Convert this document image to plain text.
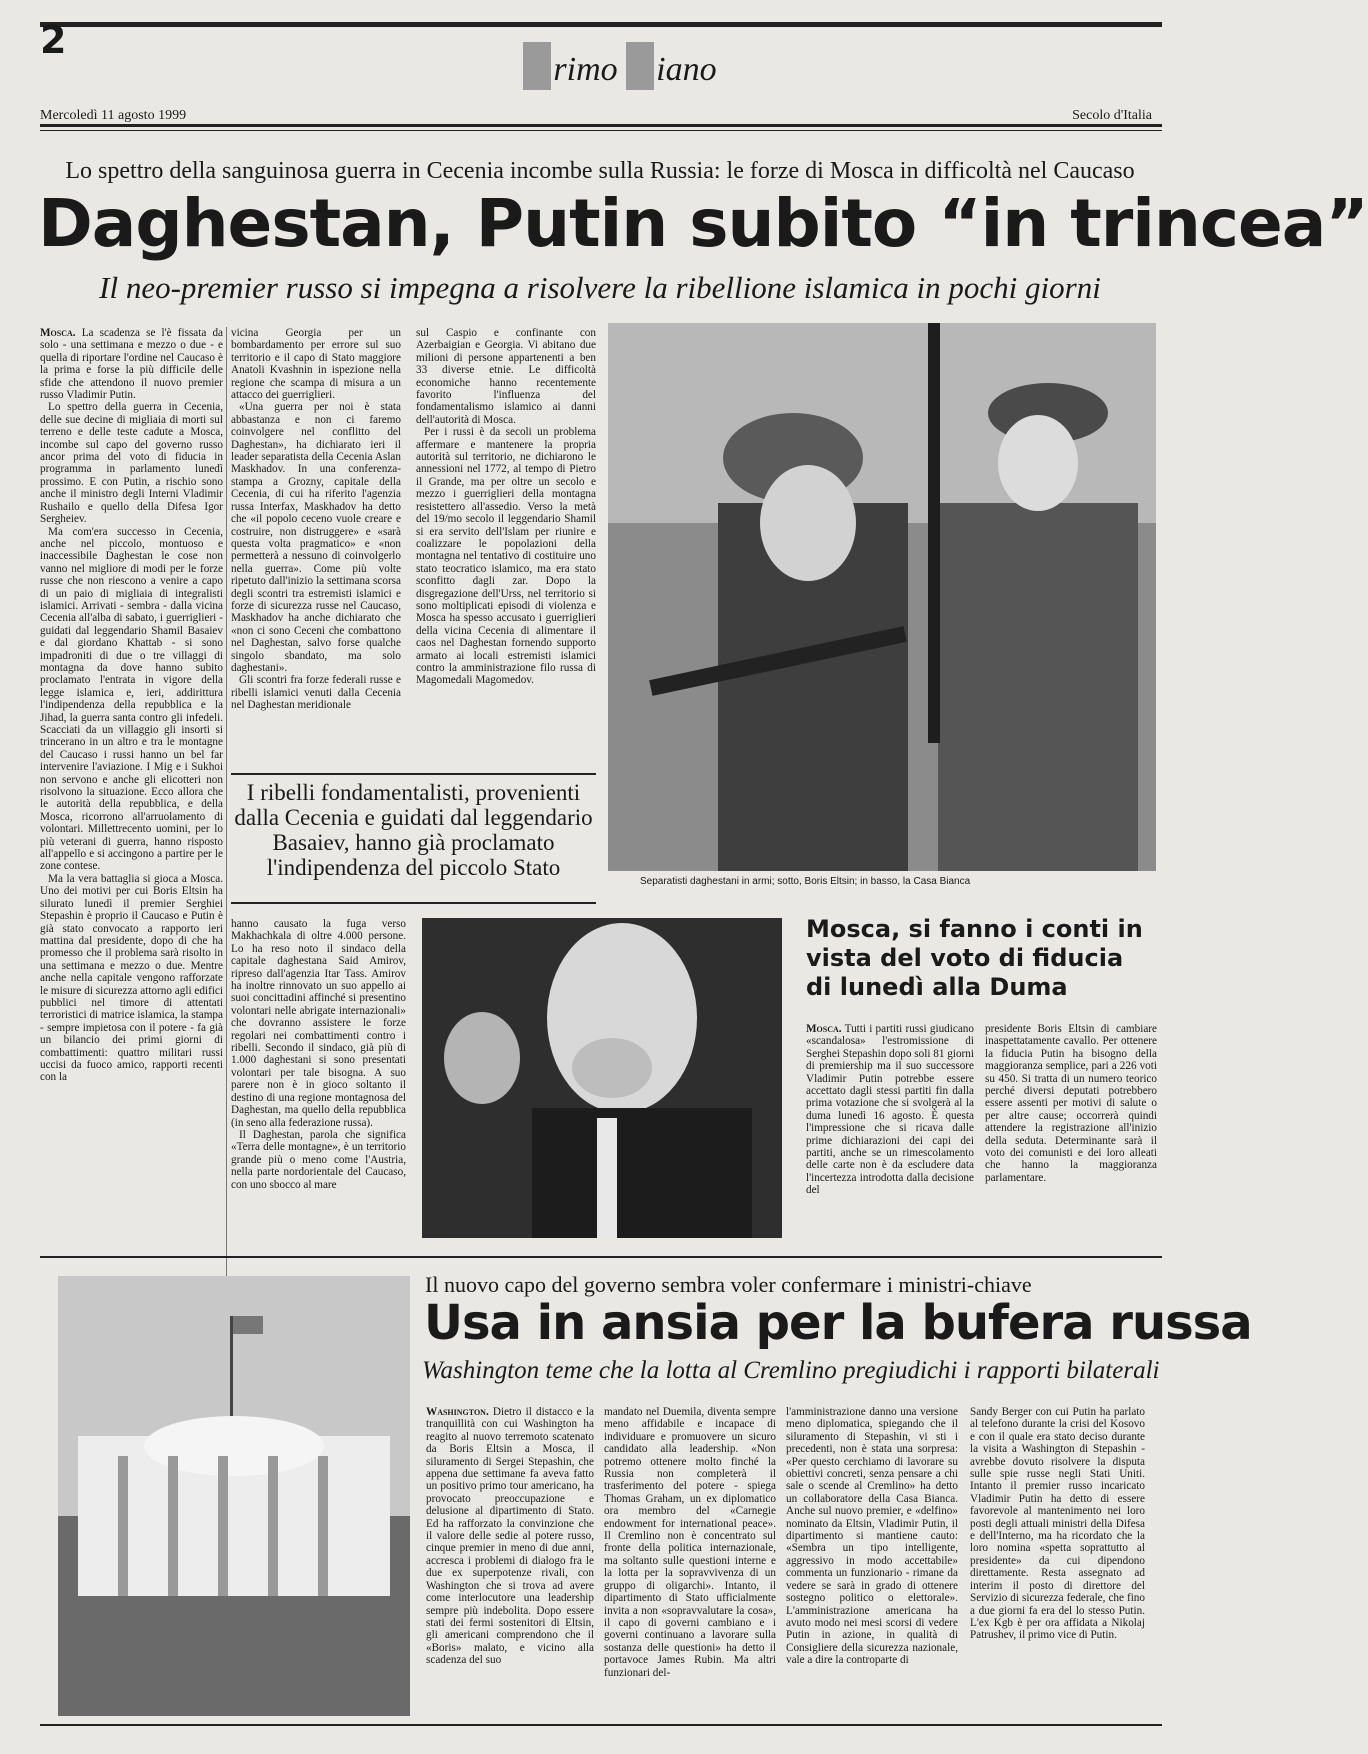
2
rimo iano
Mercoledì 11 agosto 1999	Secolo d'Italia
Lo spettro della sanguinosa guerra in Cecenia incombe sulla Russia: le forze di Mosca in difficoltà nel Caucaso
Daghestan, Putin subito “in trincea”
Il neo-premier russo si impegna a risolvere la ribellione islamica in pochi giorni

Mosca. La scadenza se l'è fissata da solo - una settimana e mezzo o due - e quella di riportare l'ordine nel Caucaso è la prima e forse la più difficile delle sfide che attendono il nuovo premier russo Vladimir Putin.

Lo spettro della guerra in Cecenia, delle sue decine di migliaia di morti sul terreno e delle teste cadute a Mosca, incombe sul capo del governo russo ancor prima del voto di fiducia in programma in parlamento lunedì prossimo. E con Putin, a rischio sono anche il ministro degli Interni Vladimir Rushailo e quello della Difesa Igor Sergheiev.

Ma com'era successo in Cecenia, anche nel piccolo, montuoso e inaccessibile Daghestan le cose non vanno nel migliore di modi per le forze russe che non riescono a venire a capo di un paio di migliaia di integralisti islamici. Arrivati - sembra - dalla vicina Cecenia all'alba di sabato, i guerriglieri - guidati dal leggendario Shamil Basaiev e dal giordano Khattab - si sono impadroniti di due o tre villaggi di montagna da dove hanno subito proclamato l'entrata in vigore della legge islamica e, ieri, addirittura l'indipendenza della repubblica e la Jihad, la guerra santa contro gli infedeli. Scacciati da un villaggio gli insorti si trincerano in un altro e tra le montagne del Caucaso i russi hanno un bel far intervenire l'aviazione. I Mig e i Sukhoi non servono e anche gli elicotteri non risolvono la situazione. Ecco allora che le autorità della repubblica, e della Mosca, ricorrono all'arruolamento di volontari. Millettrecento uomini, per lo più veterani di guerra, hanno risposto all'appello e si accingono a partire per le zone contese.

Ma la vera battaglia si gioca a Mosca. Uno dei motivi per cui Boris Eltsin ha silurato lunedì il premier Serghiei Stepashin è proprio il Caucaso e Putin è già stato convocato a rapporto ieri mattina dal presidente, dopo di che ha promesso che il problema sarà risolto in una settimana e mezzo o due. Mentre anche nella capitale vengono rafforzate le misure di sicurezza attorno agli edifici pubblici nel timore di attentati terroristici di matrice islamica, la stampa - sempre impietosa con il potere - fa già un bilancio dei primi giorni di combattimenti: quattro militari russi uccisi da fuoco amico, rapporti recenti con la

vicina Georgia per un bombardamento per errore sul suo territorio e il capo di Stato maggiore Anatoli Kvashnin in ispezione nella regione che scampa di misura a un attacco dei guerriglieri.

«Una guerra per noi è stata abbastanza e non ci faremo coinvolgere nel conflitto del Daghestan», ha dichiarato ieri il leader separatista della Cecenia Aslan Maskhadov. In una conferenza-stampa a Grozny, capitale della Cecenia, di cui ha riferito l'agenzia russa Interfax, Maskhadov ha detto che «il popolo ceceno vuole creare e costruire, non distruggere» e «sarà questa volta pragmatico» e «non permetterà a nessuno di coinvolgerlo nella guerra». Come più volte ripetuto dall'inizio la settimana scorsa degli scontri tra estremisti islamici e forze di sicurezza russe nel Caucaso, Maskhadov ha anche dichiarato che «non ci sono Ceceni che combattono nel Daghestan, salvo forse qualche singolo sbandato, ma solo daghestani».

Gli scontri fra forze federali russe e ribelli islamici venuti dalla Cecenia nel Daghestan meridionale

sul Caspio e confinante con Azerbaigian e Georgia. Vi abitano due milioni di persone appartenenti a ben 33 diverse etnie. Le difficoltà economiche hanno recentemente favorito l'influenza del fondamentalismo islamico ai danni dell'autorità di Mosca.

Per i russi è da secoli un problema affermare e mantenere la propria autorità sul territorio, ne dichiarono le annessioni nel 1772, al tempo di Pietro il Grande, ma per oltre un secolo e mezzo i guerriglieri della montagna resistettero all'assedio. Verso la metà del 19/mo secolo il leggendario Shamil si era servito dell'Islam per riunire e coalizzare le popolazioni della montagna nel tentativo di costituire uno stato teocratico islamico, ma era stato sconfitto dagli zar. Dopo la disgregazione dell'Urss, nel territorio si sono moltiplicati episodi di violenza e Mosca ha spesso accusato i guerriglieri della vicina Cecenia di alimentare il caos nel Daghestan fornendo supporto armato ai locali estremisti islamici contro la amministrazione filo russa di Magomedali Magomedov.

Separatisti daghestani in armi; sotto, Boris Eltsin; in basso, la Casa Bianca
I ribelli fondamentalisti, provenienti dalla Cecenia e guidati dal leggendario Basaiev, hanno già proclamato l'indipendenza del piccolo Stato

hanno causato la fuga verso Makhachkala di oltre 4.000 persone. Lo ha reso noto il sindaco della capitale daghestana Said Amirov, ripreso dall'agenzia Itar Tass. Amirov ha inoltre rinnovato un suo appello ai suoi concittadini affinché si presentino volontari nelle abrigate internazionali» che dovranno assistere le forze regolari nei combattimenti contro i ribelli. Secondo il sindaco, già più di 1.000 daghestani si sono presentati volontari per tale bisogna. A suo parere non è in gioco soltanto il destino di una regione montagnosa del Daghestan, ma quello della repubblica (in seno alla federazione russa).

Il Daghestan, parola che significa «Terra delle montagne», è un territorio grande più o meno come l'Austria, nella parte nordorientale del Caucaso, con uno sbocco al mare

Mosca, si fanno i conti in vista del voto di fiducia di lunedì alla Duma

Mosca. Tutti i partiti russi giudicano «scandalosa» l'estromissione di Serghei Stepashin dopo soli 81 giorni di premiership ma il suo successore Vladimir Putin potrebbe essere accettato dagli stessi partiti fin dalla prima votazione che si svolgerà al la duma lunedì 16 agosto. È questa l'impressione che si ricava dalle prime dichiarazioni dei capi dei partiti, anche se un rimescolamento delle carte non è da escludere data l'incertezza introdotta dalla decisione del

presidente Boris Eltsin di cambiare inaspettatamente cavallo. Per ottenere la fiducia Putin ha bisogno della maggioranza semplice, pari a 226 voti su 450. Si tratta di un numero teorico perché diversi deputati potrebbero essere assenti per motivi di salute o per altre cause; occorrerà quindi attendere la registrazione all'inizio della seduta. Determinante sarà il voto dei comunisti e dei loro alleati che hanno la maggioranza parlamentare.

Il nuovo capo del governo sembra voler confermare i ministri-chiave
Usa in ansia per la bufera russa
Washington teme che la lotta al Cremlino pregiudichi i rapporti bilaterali

Washington. Dietro il distacco e la tranquillità con cui Washington ha reagito al nuovo terremoto scatenato da Boris Eltsin a Mosca, il siluramento di Sergei Stepashin, che appena due settimane fa aveva fatto un positivo primo tour americano, ha provocato preoccupazione e delusione al dipartimento di Stato. Ed ha rafforzato la convinzione che il valore delle sedie al potere russo, cinque premier in meno di due anni, accresca i problemi di dialogo fra le due ex superpotenze rivali, con Washington che si trova ad avere come interlocutore una leadership sempre più indebolita. Dopo essere stati dei fermi sostenitori di Eltsin, gli americani comprendono che il «Boris» malato, e vicino alla scadenza del suo

mandato nel Duemila, diventa sempre meno affidabile e incapace di individuare e promuovere un sicuro candidato alla leadership. «Non potremo ottenere molto finché la Russia non completerà il trasferimento del potere - spiega Thomas Graham, un ex diplomatico ora membro del «Carnegie endowment for international peace». Il Cremlino non è concentrato sul fronte della politica internazionale, ma soltanto sulle questioni interne e la lotta per la sopravvivenza di un gruppo di oligarchi». Intanto, il dipartimento di Stato ufficialmente invita a non «sopravvalutare la cosa», il capo di governi cambiano e i governi continuano a lavorare sulla sostanza delle questioni» ha detto il portavoce James Rubin. Ma altri funzionari del-

l'amministrazione danno una versione meno diplomatica, spiegando che il siluramento di Stepashin, vi sti i precedenti, non è stata una sorpresa: «Per questo cerchiamo di lavorare su obiettivi concreti, senza pensare a chi sale o scende al Cremlino» ha detto un collaboratore della Casa Bianca. Anche sul nuovo premier, e «delfino» nominato da Eltsin, Vladimir Putin, il dipartimento si mantiene cauto: «Sembra un tipo intelligente, aggressivo in modo accettabile» commenta un funzionario - rimane da vedere se sarà in grado di ottenere sostegno politico o elettorale». L'amministrazione americana ha avuto modo nei mesi scorsi di vedere Putin in azione, in qualità di Consigliere della sicurezza nazionale, vale a dire la controparte di

Sandy Berger con cui Putin ha parlato al telefono durante la crisi del Kosovo e con il quale era stato deciso durante la visita a Washington di Stepashin - avrebbe dovuto risolvere la disputa sulle spie russe negli Stati Uniti. Intanto il premier russo incaricato Vladimir Putin ha detto di essere favorevole al mantenimento nei loro posti degli attuali ministri della Difesa e dell'Interno, ma ha ricordato che la loro nomina «spetta soprattutto al presidente» da cui dipendono direttamente. Resta assegnato ad interim il posto di direttore del Servizio di sicurezza federale, che fino a due giorni fa era del lo stesso Putin. L'ex Kgb è per ora affidata a Nikolaj Patrushev, il primo vice di Putin.
